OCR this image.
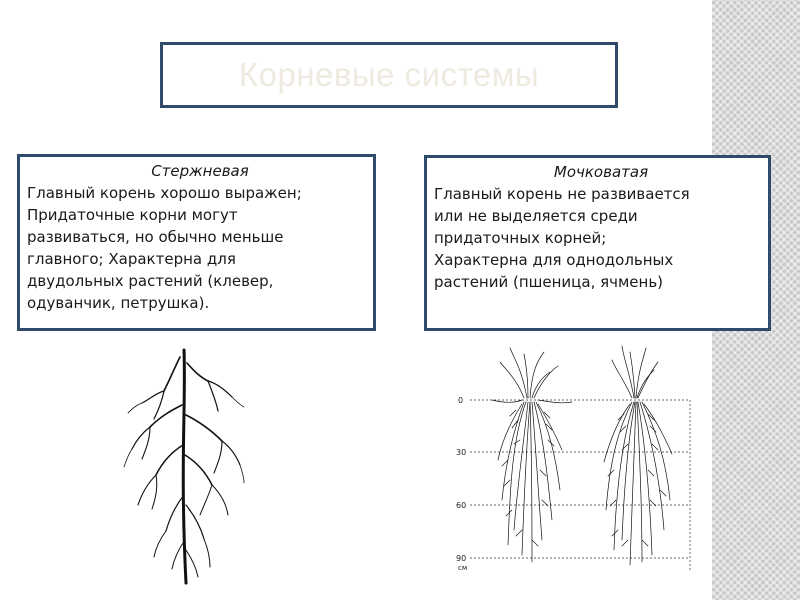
Корневые системы
Стержневая
Главный корень хорошо выражен;
Придаточные корни могут
развиваться, но обычно меньше
главного; Характерна для
двудольных растений (клевер,
одуванчик, петрушка).
Мочковатая
Главный корень не развивается
или не выделяется среди
придаточных корней;
Характерна для однодольных
растений (пшеница, ячмень)
0
30
60
90
см
